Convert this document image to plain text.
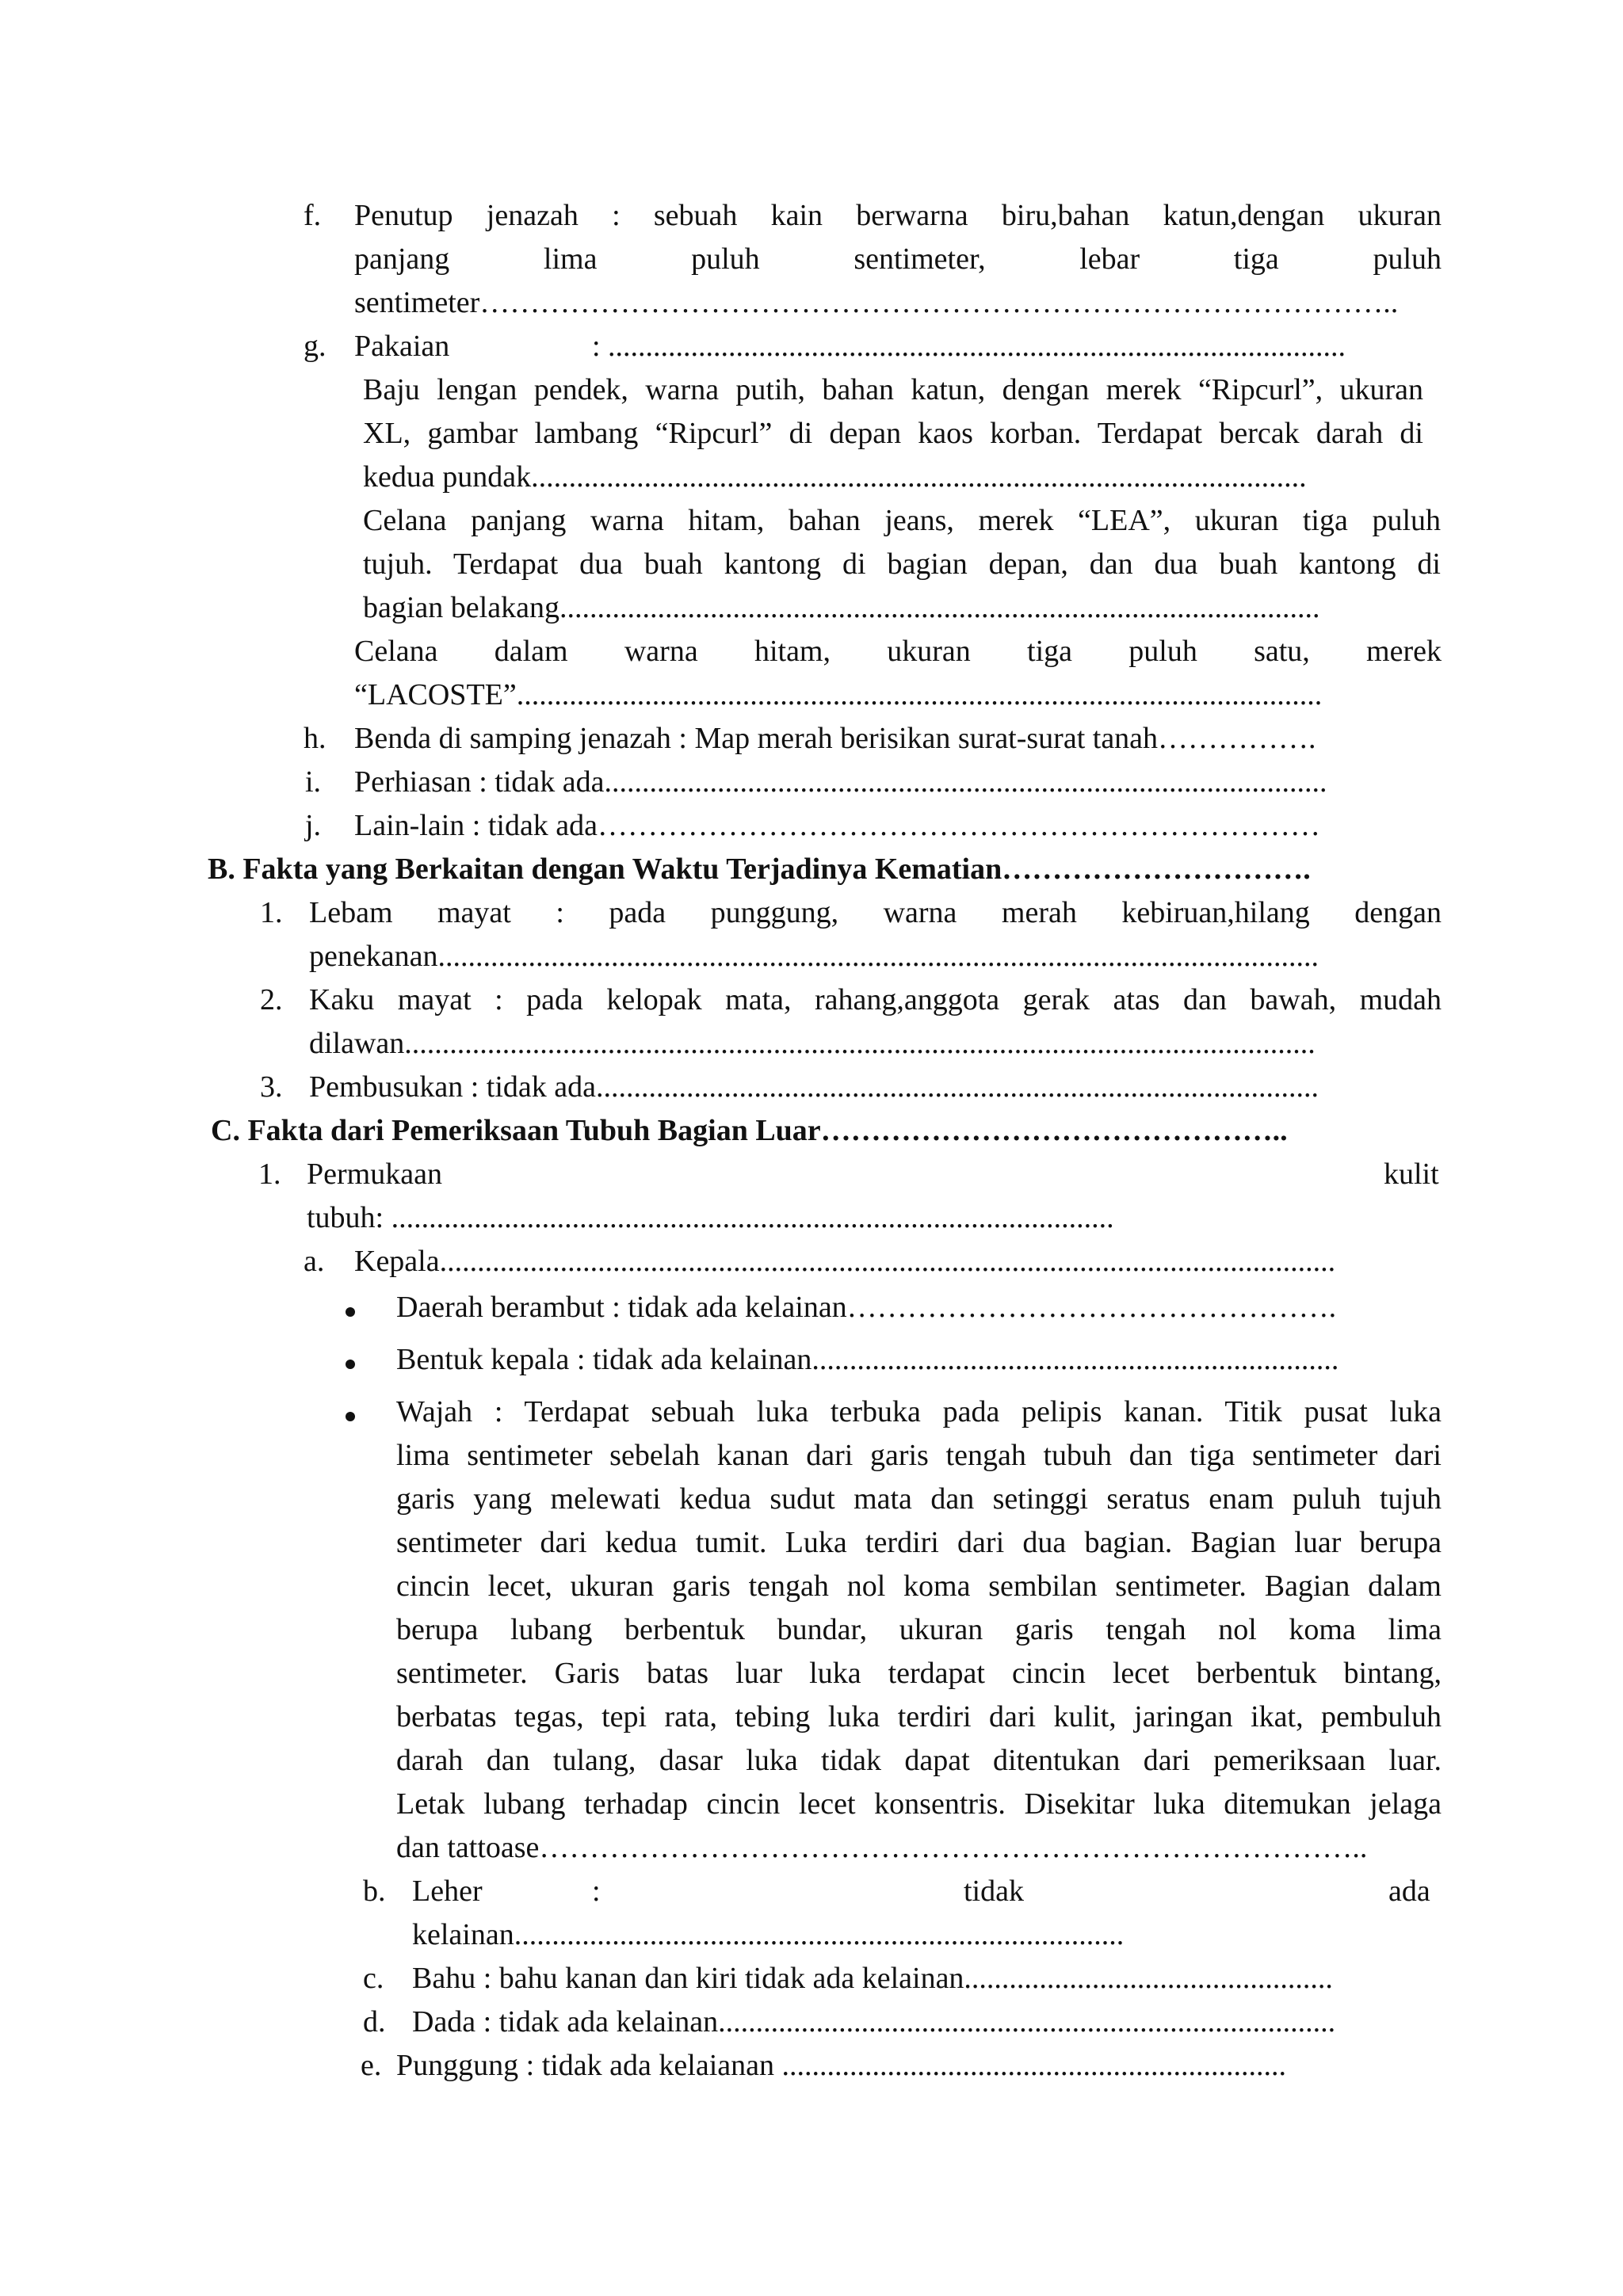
f. Penutup jenazah : sebuah kain berwarna biru,bahan katun,dengan ukuran
panjang lima puluh sentimeter, lebar tiga puluh
sentimeter………………………………………………………………………………..
g. Pakaian	: ..................................................................................................
Baju lengan pendek, warna putih, bahan katun, dengan merek “Ripcurl”, ukuran
XL, gambar lambang “Ripcurl” di depan kaos korban. Terdapat bercak darah di
kedua pundak.......................................................................................................
Celana panjang warna hitam, bahan jeans, merek “LEA”, ukuran tiga puluh
tujuh. Terdapat dua buah kantong di bagian depan, dan dua buah kantong di
bagian belakang.....................................................................................................
Celana dalam warna hitam, ukuran tiga puluh satu, merek
“LACOSTE”...........................................................................................................
h. Benda di samping jenazah : Map merah berisikan surat-surat tanah…………….
i. Perhiasan : tidak ada................................................................................................
j. Lain-lain : tidak ada………………………………………………………………
B. Fakta yang Berkaitan dengan Waktu Terjadinya Kematian………………………….
1. Lebam mayat : pada punggung, warna merah kebiruan,hilang dengan
penekanan.....................................................................................................................
2. Kaku mayat : pada kelopak mata, rahang,anggota gerak atas dan bawah, mudah
dilawan.........................................................................................................................
3. Pembusukan : tidak ada................................................................................................
C. Fakta dari Pemeriksaan Tubuh Bagian Luar………………………………………..
1. Permukaan	kulit
tubuh: ................................................................................................
a. Kepala.......................................................................................................................
Daerah berambut : tidak ada kelainan………………………………………….
Bentuk kepala : tidak ada kelainan......................................................................
Wajah : Terdapat sebuah luka terbuka pada pelipis kanan. Titik pusat luka
lima sentimeter sebelah kanan dari garis tengah tubuh dan tiga sentimeter dari
garis yang melewati kedua sudut mata dan setinggi seratus enam puluh tujuh
sentimeter dari kedua tumit. Luka terdiri dari dua bagian. Bagian luar berupa
cincin lecet, ukuran garis tengah nol koma sembilan sentimeter. Bagian dalam
berupa lubang berbentuk bundar, ukuran garis tengah nol koma lima
sentimeter. Garis batas luar luka terdapat cincin lecet berbentuk bintang,
berbatas tegas, tepi rata, tebing luka terdiri dari kulit, jaringan ikat, pembuluh
darah dan tulang, dasar luka tidak dapat ditentukan dari pemeriksaan luar.
Letak lubang terhadap cincin lecet konsentris. Disekitar luka ditemukan jelaga
dan tattoase………………………………………………………………………..
b. Leher	:	tidak	ada
kelainan.................................................................................
c. Bahu : bahu kanan dan kiri tidak ada kelainan.................................................
d. Dada : tidak ada kelainan..................................................................................
e. Punggung : tidak ada kelaianan ...................................................................
